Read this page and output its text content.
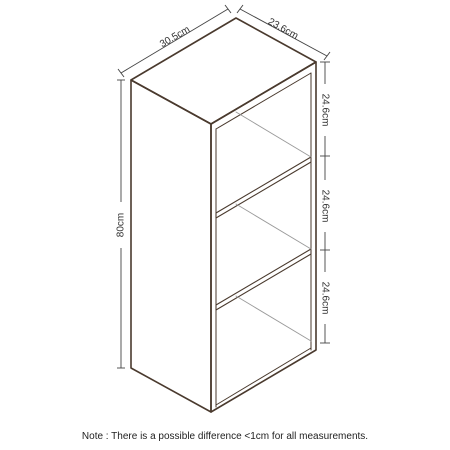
30.5cm	23.6cm
80cm
24.6cm
24.6cm
24.6cm
Note : There is a possible difference <1cm for all measurements.
